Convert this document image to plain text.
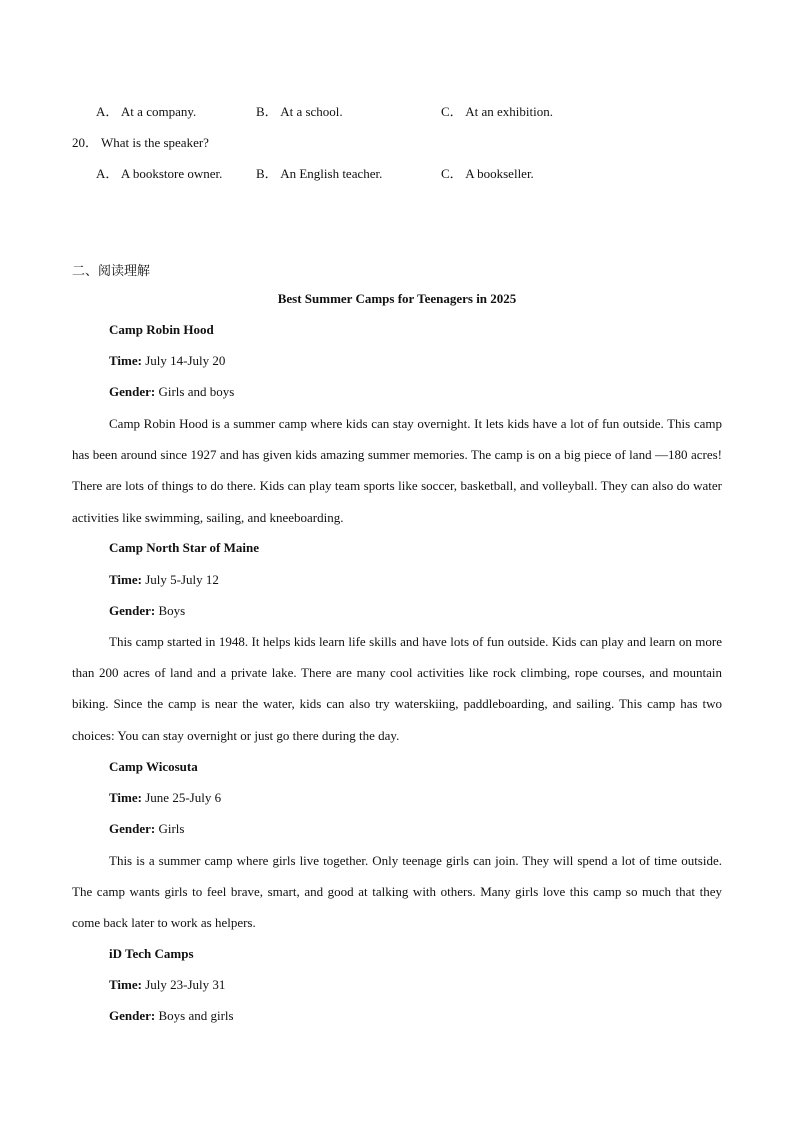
A． At a company.	B． At a school.	C． At an exhibition.
20． What is the speaker?
A． A bookstore owner.	B． An English teacher.	C． A bookseller.
二、阅读理解
Best Summer Camps for Teenagers in 2025
Camp Robin Hood
Time: July 14-July 20
Gender: Girls and boys
Camp Robin Hood is a summer camp where kids can stay overnight. It lets kids have a lot of fun outside. This camp has been around since 1927 and has given kids amazing summer memories. The camp is on a big piece of land —180 acres! There are lots of things to do there. Kids can play team sports like soccer, basketball, and volleyball. They can also do water activities like swimming, sailing, and kneeboarding.
Camp North Star of Maine
Time: July 5-July 12
Gender: Boys
This camp started in 1948. It helps kids learn life skills and have lots of fun outside. Kids can play and learn on more than 200 acres of land and a private lake. There are many cool activities like rock climbing, rope courses, and mountain biking. Since the camp is near the water, kids can also try waterskiing, paddleboarding, and sailing. This camp has two choices: You can stay overnight or just go there during the day.
Camp Wicosuta
Time: June 25-July 6
Gender: Girls
This is a summer camp where girls live together. Only teenage girls can join. They will spend a lot of time outside. The camp wants girls to feel brave, smart, and good at talking with others. Many girls love this camp so much that they come back later to work as helpers.
iD Tech Camps
Time: July 23-July 31
Gender: Boys and girls
